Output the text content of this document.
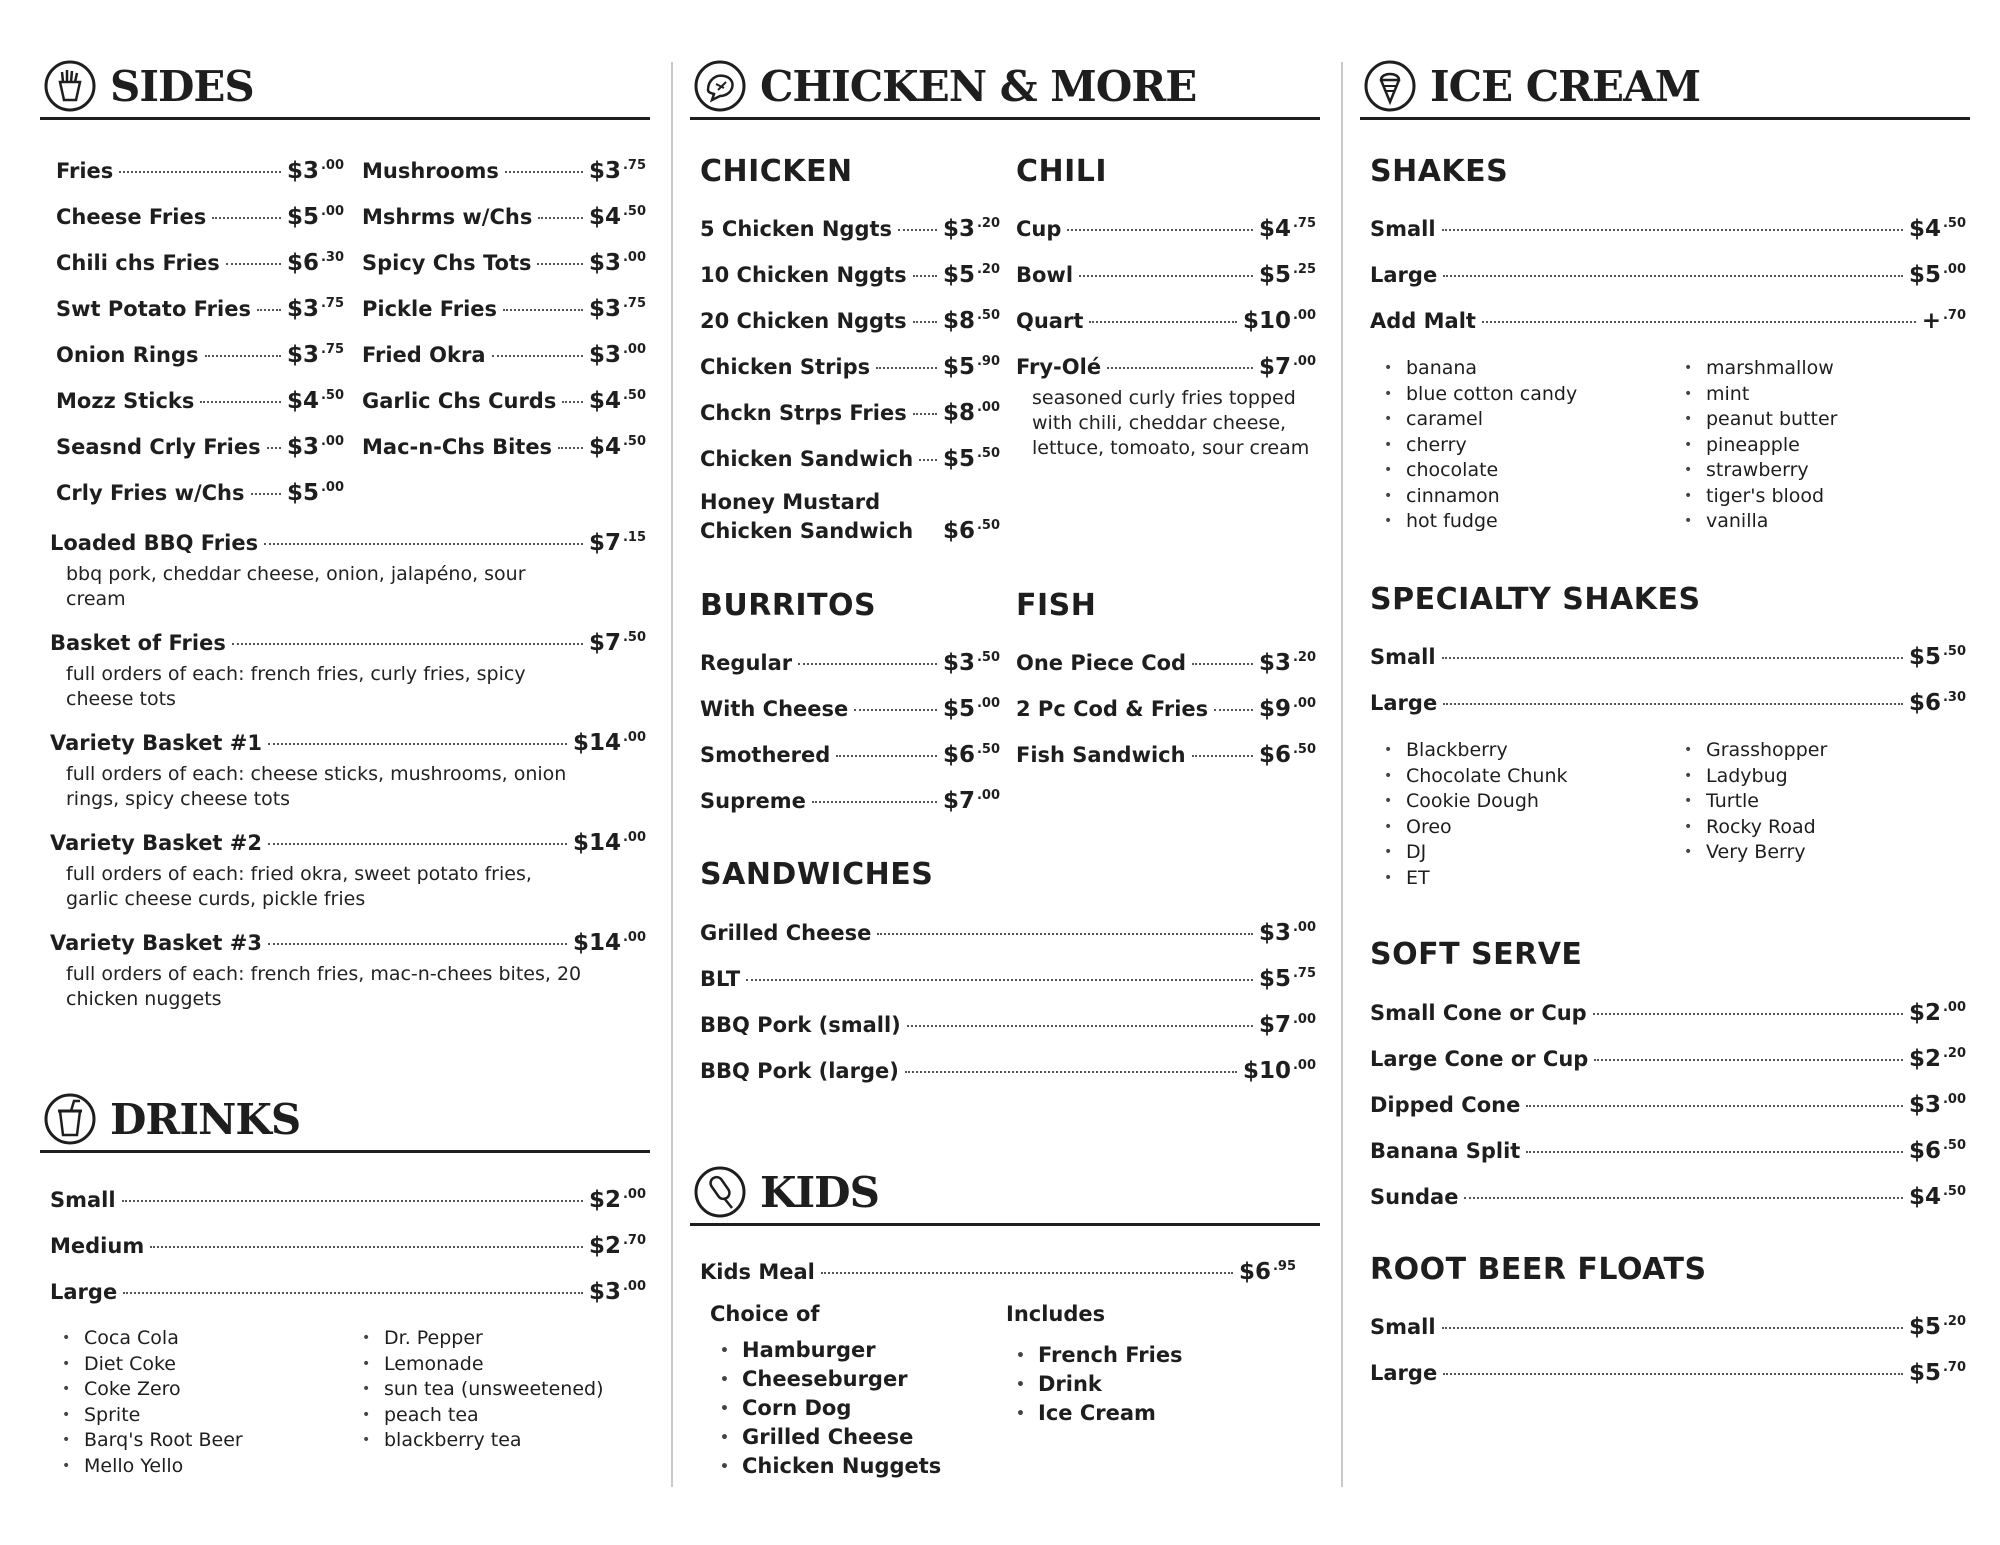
SIDES
Fries	$3 $^{.00}$
Cheese Fries	$5 $^{.00}$
Chili chs Fries	$6 $^{.30}$
Swt Potato Fries $3 $^{.75}$
Onion Rings	$3 $^{.75}$
Mozz Sticks	$4 $^{.50}$
Seasnd Crly Fries $3 $^{.00}$
Crly Fries w/Chs $5 $^{.00}$
Mushrooms	$3 $^{.75}$
Mshrms w/Chs $4 $^{.50}$
Spicy Chs Tots $3 $^{.00}$
Pickle Fries	$3 $^{.75}$
Fried Okra	$3 $^{.00}$
Garlic Chs Curds $4 $^{.50}$
Mac-n-Chs Bites $4 $^{.50}$
Loaded BBQ Fries	$7 $^{.15}$
bbq pork, cheddar cheese, onion, jalapéno, sour cream
Basket of Fries	$7 $^{.50}$
full orders of each: french fries, curly fries, spicy cheese tots
Variety Basket #1	$14 $^{.00}$
full orders of each: cheese sticks, mushrooms, onion rings, spicy cheese tots
Variety Basket #2	$14 $^{.00}$
full orders of each: fried okra, sweet potato fries, garlic cheese curds, pickle fries
Variety Basket #3	$14 $^{.00}$
full orders of each: french fries, mac-n-chees bites, 20 chicken nuggets
DRINKS
Small	$2 $^{.00}$
Medium	$2 $^{.70}$
Large	$3 $^{.00}$
• Coca Cola
• Diet Coke
• Coke Zero
• Sprite
• Barq's Root Beer
• Mello Yello
• Dr. Pepper
• Lemonade
• sun tea (unsweetened)
• peach tea
• blackberry tea
CHICKEN & MORE
CHICKEN
5 Chicken Nggts $3 $^{.20}$
10 Chicken Nggts $5 $^{.20}$
20 Chicken Nggts $8 $^{.50}$
Chicken Strips	$5 $^{.90}$
Chckn Strps Fries $8 $^{.00}$
Chicken Sandwich $5 $^{.50}$
Honey Mustard
Chicken Sandwich $6 $^{.50}$
CHILI
Cup	$4 $^{.75}$
Bowl	$5 $^{.25}$
Quart	$10 $^{.00}$
Fry-Olé	$7 $^{.00}$
seasoned curly fries topped with chili, cheddar cheese, lettuce, tomoato, sour cream
BURRITOS
Regular	$3 $^{.50}$
With Cheese	$5 $^{.00}$
Smothered	$6 $^{.50}$
Supreme	$7 $^{.00}$
FISH
One Piece Cod	$3 $^{.20}$
2 Pc Cod & Fries $9 $^{.00}$
Fish Sandwich	$6 $^{.50}$
SANDWICHES
Grilled Cheese	$3 $^{.00}$
BLT	$5 $^{.75}$
BBQ Pork (small)	$7 $^{.00}$
BBQ Pork (large)	$10 $^{.00}$
KIDS
Kids Meal	$6 $^{.95}$
Choice of
• Hamburger
• Cheeseburger
• Corn Dog
• Grilled Cheese
• Chicken Nuggets
Includes
• French Fries
• Drink
• Ice Cream
ICE CREAM
SHAKES
Small	$4 $^{.50}$
Large	$5 $^{.00}$
Add Malt	+ $^{.70}$
• banana
• blue cotton candy
• caramel
• cherry
• chocolate
• cinnamon
• hot fudge
• marshmallow
• mint
• peanut butter
• pineapple
• strawberry
• tiger's blood
• vanilla
SPECIALTY SHAKES
Small	$5 $^{.50}$
Large	$6 $^{.30}$
• Blackberry
• Chocolate Chunk
• Cookie Dough
• Oreo
• DJ
• ET
• Grasshopper
• Ladybug
• Turtle
• Rocky Road
• Very Berry
SOFT SERVE
Small Cone or Cup	$2 $^{.00}$
Large Cone or Cup	$2 $^{.20}$
Dipped Cone	$3 $^{.00}$
Banana Split	$6 $^{.50}$
Sundae	$4 $^{.50}$
ROOT BEER FLOATS
Small	$5 $^{.20}$
Large	$5 $^{.70}$
